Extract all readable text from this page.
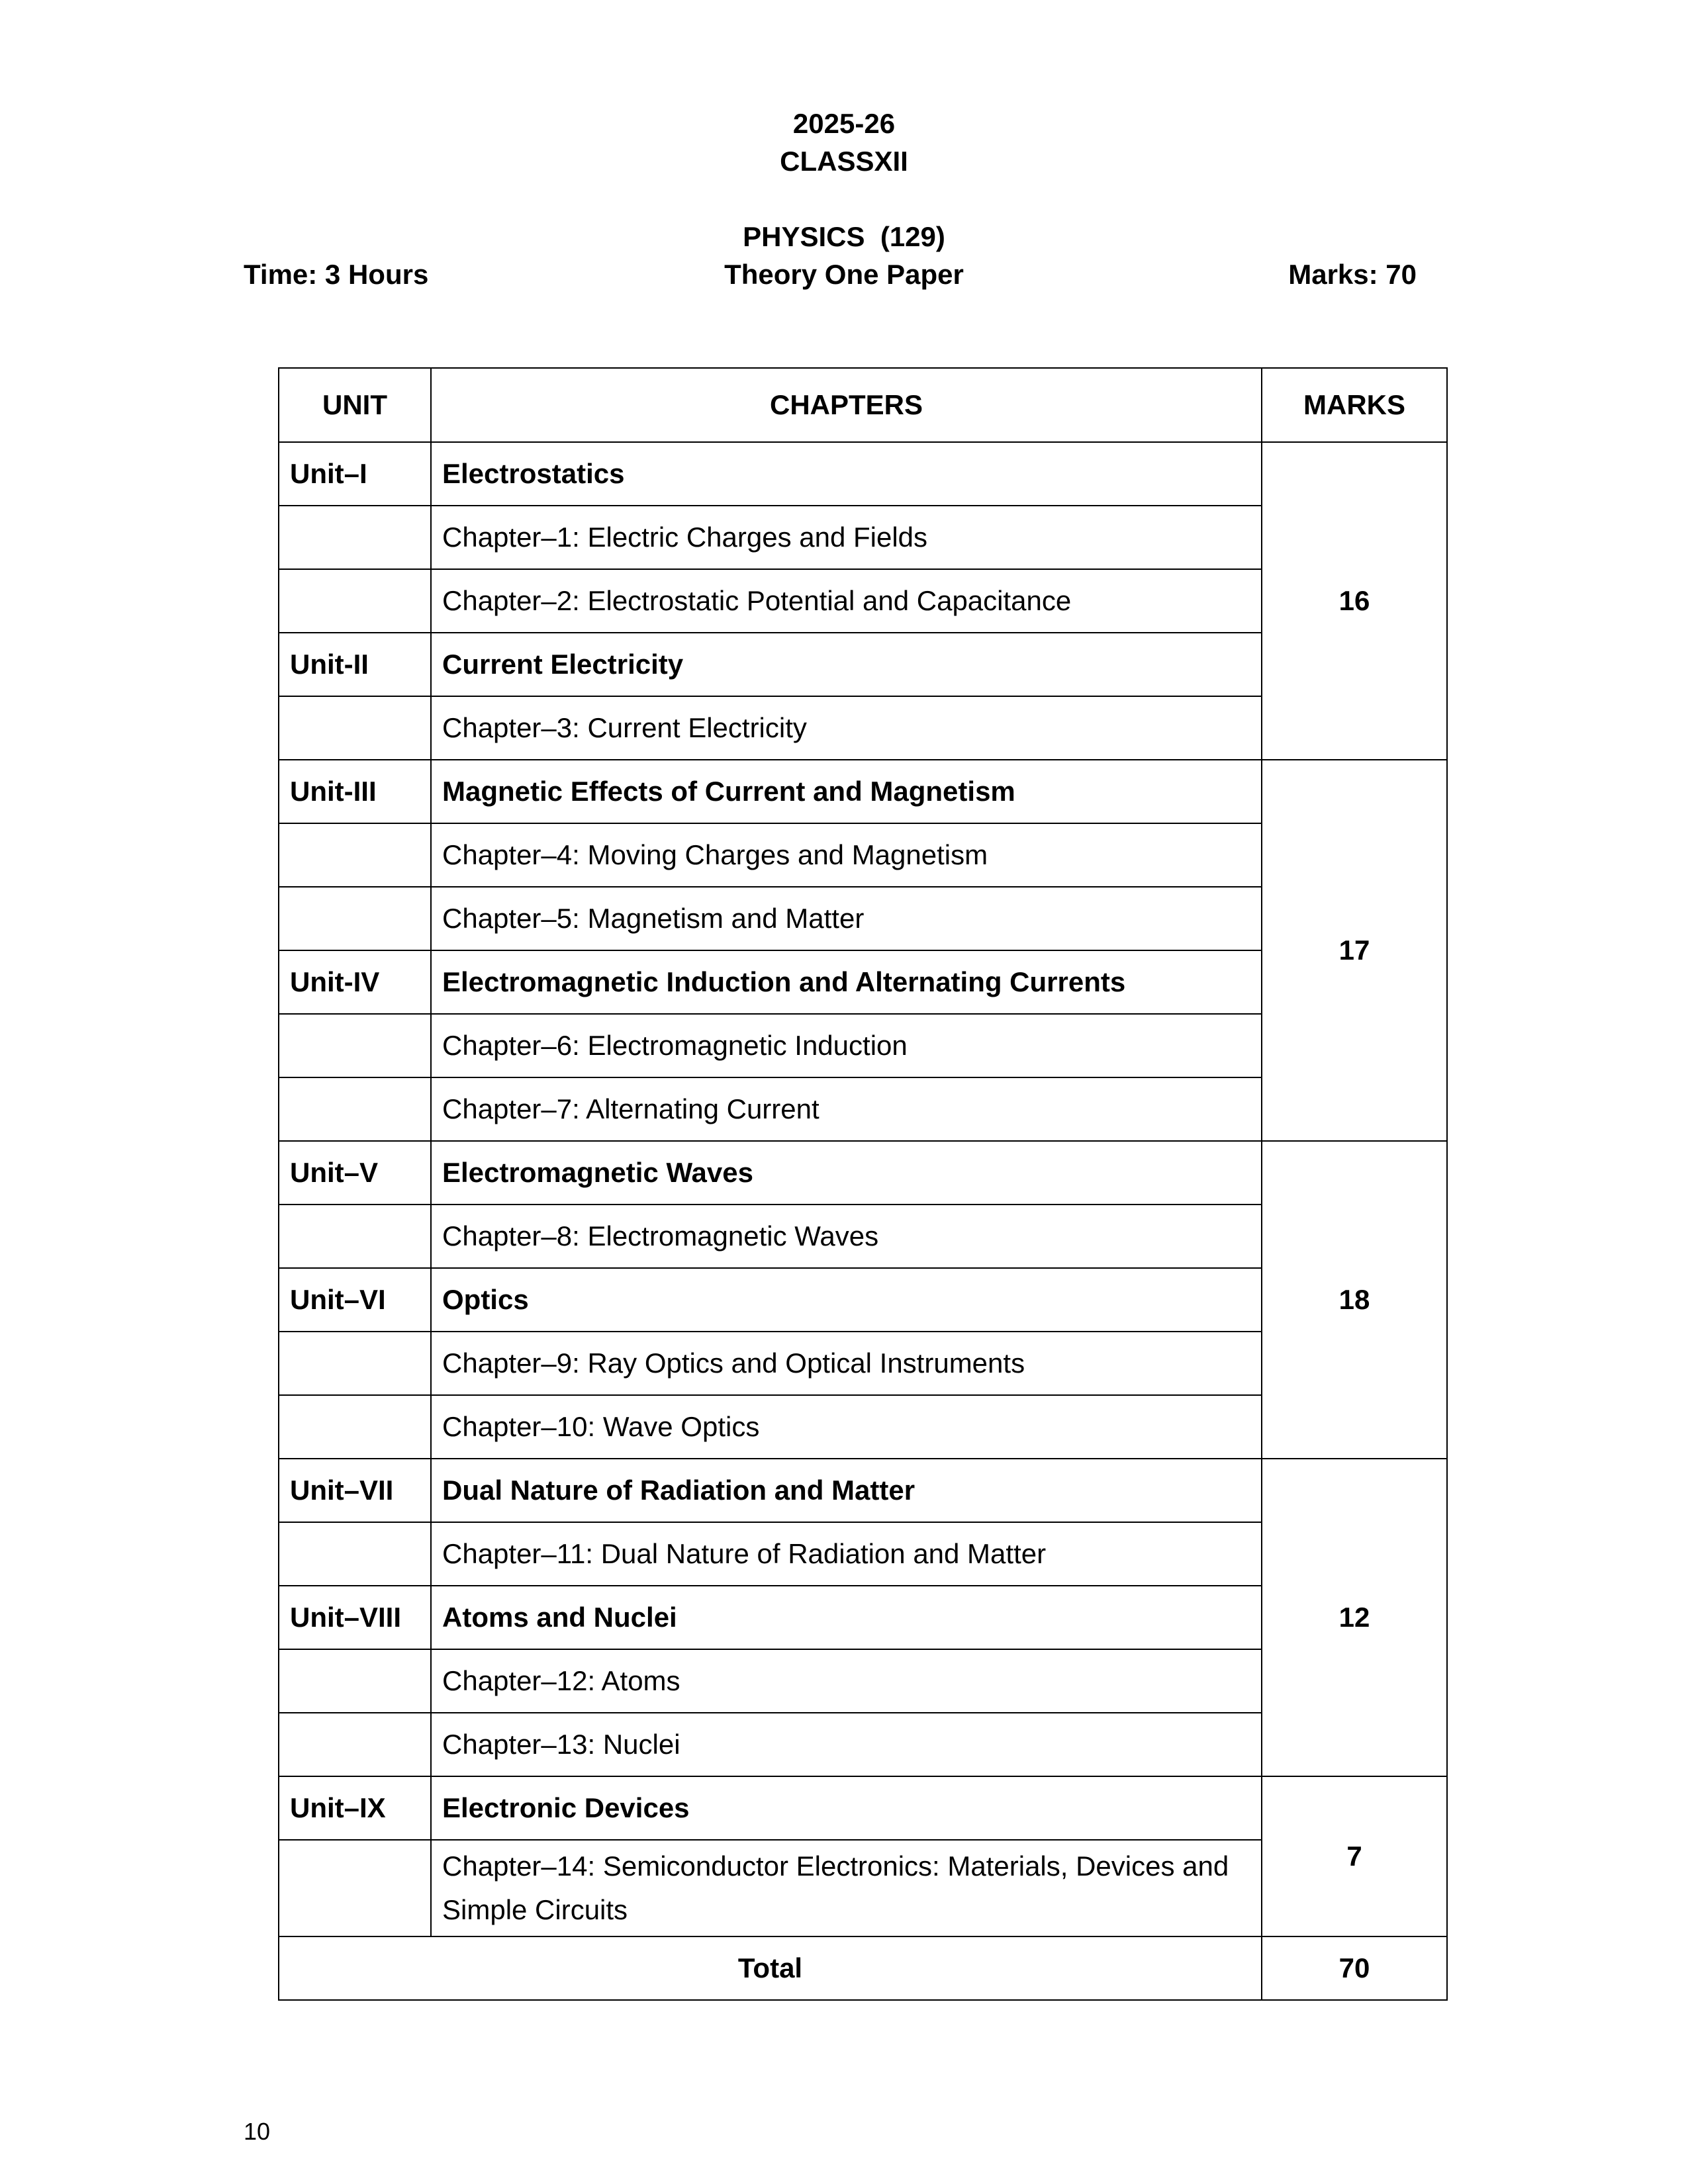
2025-26
CLASSXII
PHYSICS  (129)
Time: 3 Hours	Theory One Paper	Marks: 70
UNIT	CHAPTERS	MARKS
Unit–I	Electrostatics	16
	Chapter–1: Electric Charges and Fields	
	Chapter–2: Electrostatic Potential and Capacitance	
Unit-II	Current Electricity	
	Chapter–3: Current Electricity	
Unit-III	Magnetic Effects of Current and Magnetism	17
	Chapter–4: Moving Charges and Magnetism	
	Chapter–5: Magnetism and Matter	
Unit-IV	Electromagnetic Induction and Alternating Currents	
	Chapter–6: Electromagnetic Induction	
	Chapter–7: Alternating Current	
Unit–V	Electromagnetic Waves	18
	Chapter–8: Electromagnetic Waves	
Unit–VI	Optics	
	Chapter–9: Ray Optics and Optical Instruments	
	Chapter–10: Wave Optics	
Unit–VII	Dual Nature of Radiation and Matter	12
	Chapter–11: Dual Nature of Radiation and Matter	
Unit–VIII	Atoms and Nuclei	
	Chapter–12: Atoms	
	Chapter–13: Nuclei	
Unit–IX	Electronic Devices	7
	Chapter–14: Semiconductor Electronics: Materials, Devices and Simple Circuits	
Total		70
10
